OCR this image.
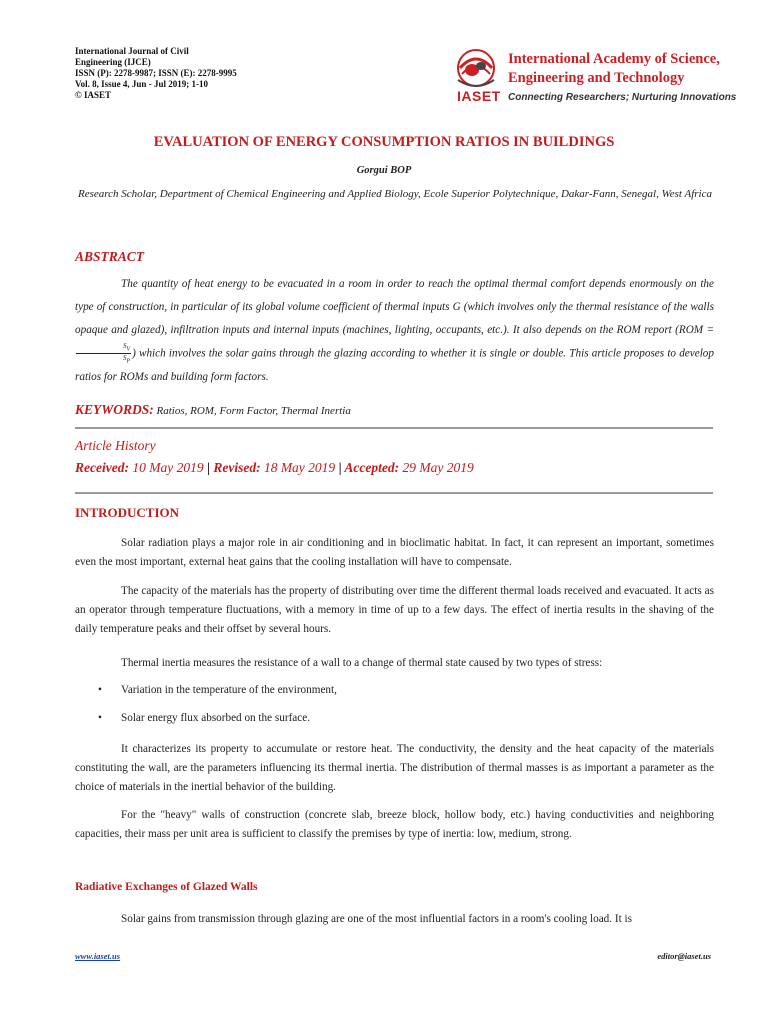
International Journal of Civil
Engineering (IJCE)
ISSN (P): 2278-9987; ISSN (E): 2278-9995
Vol. 8, Issue 4, Jun - Jul 2019; 1-10
© IASET	IASET
International Academy of Science,
Engineering and Technology
Connecting Researchers; Nurturing Innovations
EVALUATION OF ENERGY CONSUMPTION RATIOS IN BUILDINGS
Gorgui BOP
Research Scholar, Department of Chemical Engineering and Applied Biology, Ecole Superior Polytechnique, Dakar-Fann, Senegal, West Africa
ABSTRACT

The quantity of heat energy to be evacuated in a room in order to reach the optimal thermal comfort depends enormously on the type of construction, in particular of its global volume coefficient of thermal inputs G (which involves only the thermal resistance of the walls opaque and glazed), infiltration inputs and internal inputs (machines, lighting, occupants, etc.). It also depends on the ROM report (ROM =
$\frac{S_V}{S_P}$ ) which involves the solar gains through the glazing according to whether it is single or double. This article proposes to develop ratios for ROMs and building form factors.

KEYWORDS: Ratios, ROM, Form Factor, Thermal Inertia
Article History
Received: 10 May 2019 | Revised: 18 May 2019 | Accepted: 29 May 2019
INTRODUCTION

Solar radiation plays a major role in air conditioning and in bioclimatic habitat. In fact, it can represent an important, sometimes even the most important, external heat gains that the cooling installation will have to compensate.

The capacity of the materials has the property of distributing over time the different thermal loads received and evacuated. It acts as an operator through temperature fluctuations, with a memory in time of up to a few days. The effect of inertia results in the shaving of the daily temperature peaks and their offset by several hours.

Thermal inertia measures the resistance of a wall to a change of thermal state caused by two types of stress:

• Variation in the temperature of the environment,
• Solar energy flux absorbed on the surface.

It characterizes its property to accumulate or restore heat. The conductivity, the density and the heat capacity of the materials constituting the wall, are the parameters influencing its thermal inertia. The distribution of thermal masses is as important a parameter as the choice of materials in the inertial behavior of the building.

For the "heavy" walls of construction (concrete slab, breeze block, hollow body, etc.) having conductivities and neighboring capacities, their mass per unit area is sufficient to classify the premises by type of inertia: low, medium, strong.

Radiative Exchanges of Glazed Walls

Solar gains from transmission through glazing are one of the most influential factors in a room's cooling load. It is

www.iaset.us	editor@iaset.us
